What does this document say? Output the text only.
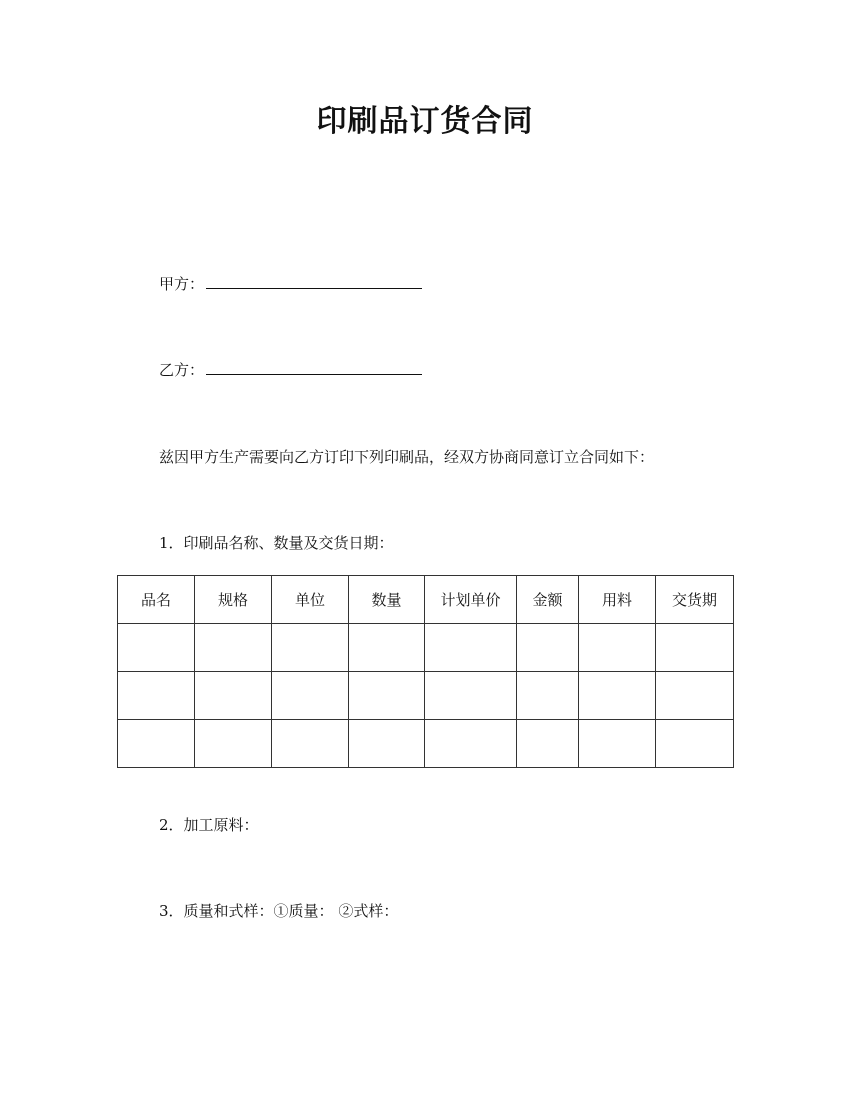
印刷品订货合同
甲方：
乙方：
兹因甲方生产需要向乙方订印下列印刷品，经双方协商同意订立合同如下：
1．印刷品名称、数量及交货日期：
品名	规格	单位	数量	计划单价	金额	用料	交货期

2．加工原料：
3．质量和式样：①质量： ②式样：
